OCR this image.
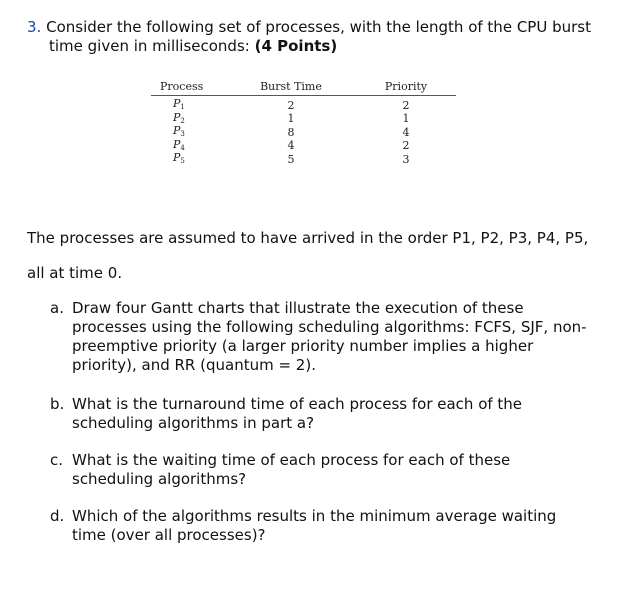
3. Consider the following set of processes, with the length of the CPU burst time given in milliseconds: (4 Points)
Process	Burst Time	Priority
$P_1$	2	2
$P_2$	1	1
$P_3$	8	4
$P_4$	4	2
$P_5$	5	3
The processes are assumed to have arrived in the order P1, P2, P3, P4, P5,
all at time 0.
a. Draw four Gantt charts that illustrate the execution of these processes using the following scheduling algorithms: FCFS, SJF, non-preemptive priority (a larger priority number implies a higher priority), and RR (quantum = 2).
b. What is the turnaround time of each process for each of the scheduling algorithms in part a?
c. What is the waiting time of each process for each of these scheduling algorithms?
d. Which of the algorithms results in the minimum average waiting time (over all processes)?
